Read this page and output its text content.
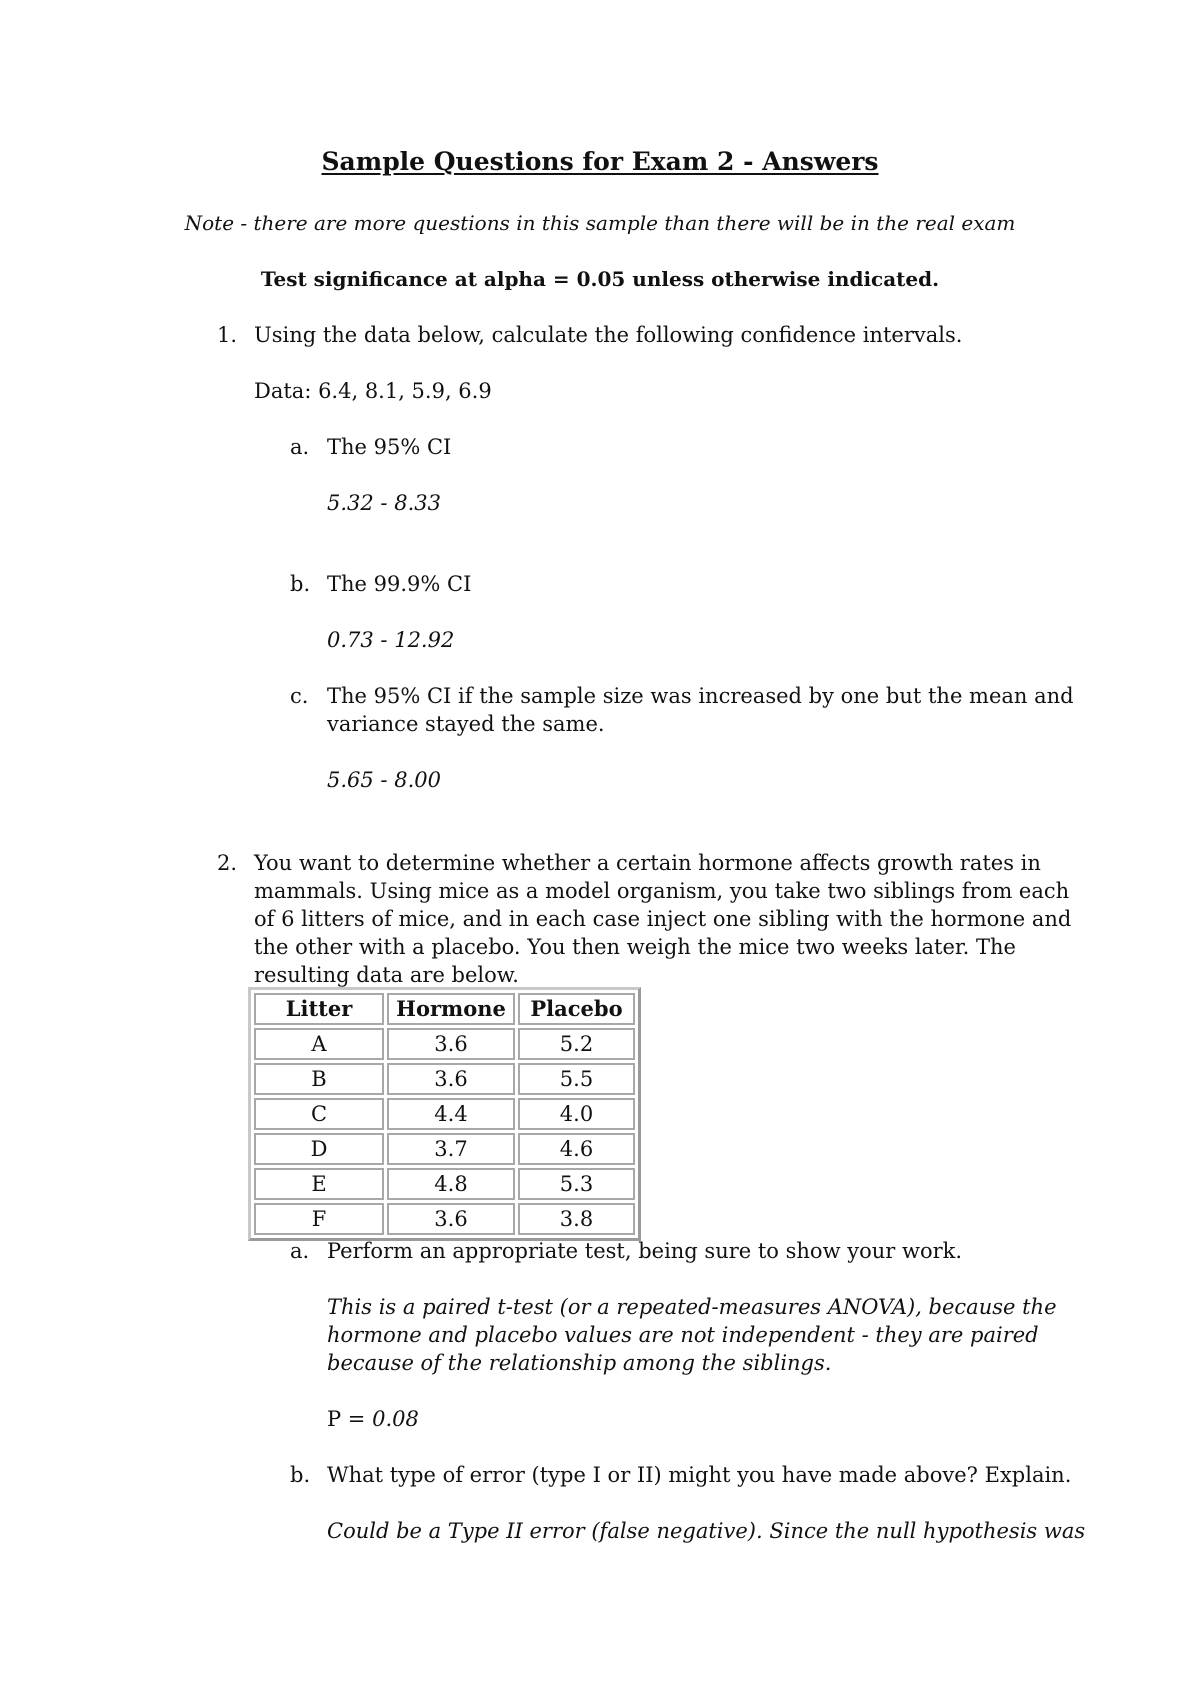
Sample Questions for Exam 2 - Answers
Note - there are more questions in this sample than there will be in the real exam
Test significance at alpha = 0.05 unless otherwise indicated.
1. Using the data below, calculate the following confidence intervals.
Data: 6.4, 8.1, 5.9, 6.9
a. The 95% CI
5.32 - 8.33
b. The 99.9% CI
0.73 - 12.92
c. The 95% CI if the sample size was increased by one but the mean and
variance stayed the same.
5.65 - 8.00
2. You want to determine whether a certain hormone affects growth rates in
mammals. Using mice as a model organism, you take two siblings from each
of 6 litters of mice, and in each case inject one sibling with the hormone and
the other with a placebo. You then weigh the mice two weeks later. The
resulting data are below.
Litter	Hormone	Placebo
A	3.6	5.2
B	3.6	5.5
C	4.4	4.0
D	3.7	4.6
E	4.8	5.3
F	3.6	3.8
a. Perform an appropriate test, being sure to show your work.
This is a paired t-test (or a repeated-measures ANOVA), because the
hormone and placebo values are not independent - they are paired
because of the relationship among the siblings.
P = 0.08
b. What type of error (type I or II) might you have made above? Explain.
Could be a Type II error (false negative). Since the null hypothesis was
